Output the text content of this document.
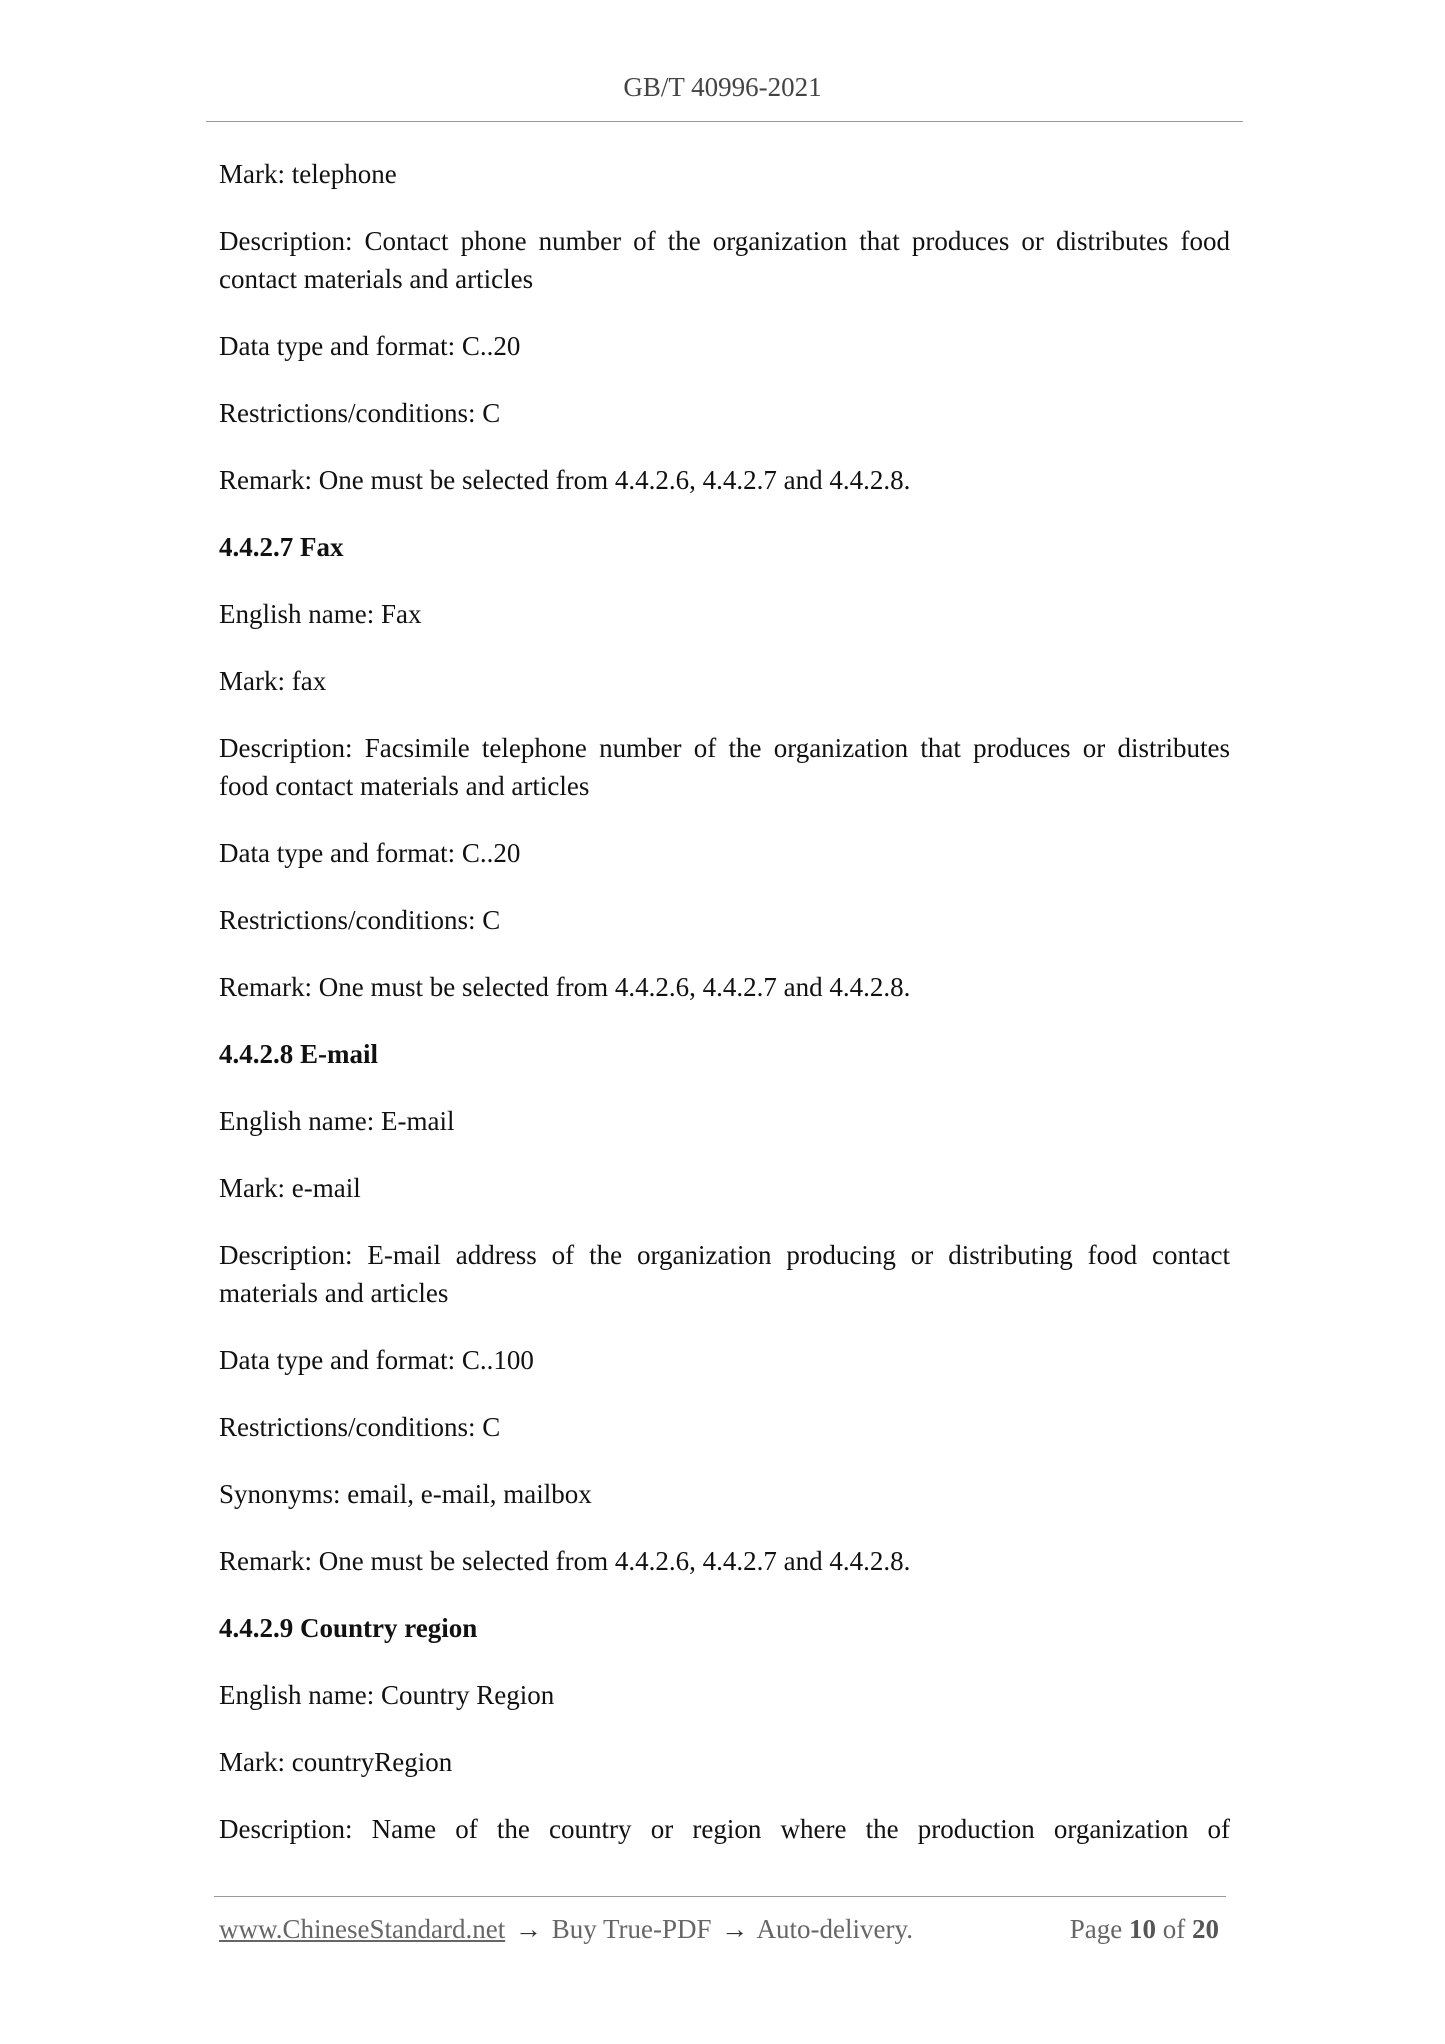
GB/T 40996-2021
Mark: telephone
Description: Contact phone number of the organization that produces or distributes food contact materials and articles
Data type and format: C..20
Restrictions/conditions: C
Remark: One must be selected from 4.4.2.6, 4.4.2.7 and 4.4.2.8.
4.4.2.7 Fax
English name: Fax
Mark: fax
Description: Facsimile telephone number of the organization that produces or distributes food contact materials and articles
Data type and format: C..20
Restrictions/conditions: C
Remark: One must be selected from 4.4.2.6, 4.4.2.7 and 4.4.2.8.
4.4.2.8 E-mail
English name: E-mail
Mark: e-mail
Description: E-mail address of the organization producing or distributing food contact materials and articles
Data type and format: C..100
Restrictions/conditions: C
Synonyms: email, e-mail, mailbox
Remark: One must be selected from 4.4.2.6, 4.4.2.7 and 4.4.2.8.
4.4.2.9 Country region
English name: Country Region
Mark: countryRegion
Description: Name of the country or region where the production organization of
www.ChineseStandard.net → Buy True-PDF → Auto-delivery.	Page 10 of 20
